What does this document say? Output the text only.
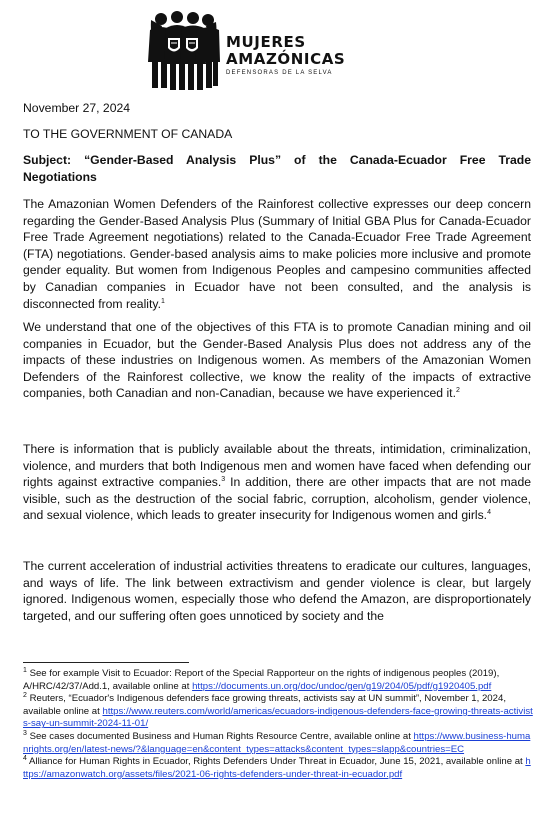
MUJERES
AMAZÓNICAS
DEFENSORAS DE LA SELVA
November 27, 2024
TO THE GOVERNMENT OF CANADA
Subject: “Gender-Based Analysis Plus” of the Canada-Ecuador Free Trade Negotiations

The Amazonian Women Defenders of the Rainforest collective expresses our deep concern regarding the Gender-Based Analysis Plus (Summary of Initial GBA Plus for Canada-Ecuador Free Trade Agreement negotiations) related to the Canada-Ecuador Free Trade Agreement (FTA) negotiations. Gender-based analysis aims to make policies more inclusive and promote gender equality. But women from Indigenous Peoples and campesino communities affected by Canadian companies in Ecuador have not been consulted, and the analysis is disconnected from reality.$^1$

We understand that one of the objectives of this FTA is to promote Canadian mining and oil companies in Ecuador, but the Gender-Based Analysis Plus does not address any of the impacts of these industries on Indigenous women. As members of the Amazonian Women Defenders of the Rainforest collective, we know the reality of the impacts of extractive companies, both Canadian and non-Canadian, because we have experienced it.$^2$

There is information that is publicly available about the threats, intimidation, criminalization, violence, and murders that both Indigenous men and women have faced when defending our rights against extractive companies.$^3$ In addition, there are other impacts that are not made visible, such as the destruction of the social fabric, corruption, alcoholism, gender violence, and sexual violence, which leads to greater insecurity for Indigenous women and girls.$^4$

The current acceleration of industrial activities threatens to eradicate our cultures, languages, and ways of life. The link between extractivism and gender violence is clear, but largely ignored. Indigenous women, especially those who defend the Amazon, are disproportionately targeted, and our suffering often goes unnoticed by society and the

$^1$ See for example Visit to Ecuador: Report of the Special Rapporteur on the rights of indigenous peoples (2019), A/HRC/42/37/Add.1, available online at https://documents.un.org/doc/undoc/gen/g19/204/05/pdf/g1920405.pdf

$^2$ Reuters, “Ecuador's Indigenous defenders face growing threats, activists say at UN summit”, November 1, 2024, available online at https://www.reuters.com/world/americas/ecuadors-indigenous-defenders-face-growing-threats-activists-say-un-summit-2024-11-01/

$^3$ See cases documented Business and Human Rights Resource Centre, available online at https://www.business-humanrights.org/en/latest-news/?&language=en&content_types=attacks&content_types=slapp&countries=EC

$^4$ Alliance for Human Rights in Ecuador, Rights Defenders Under Threat in Ecuador, June 15, 2021, available online at https://amazonwatch.org/assets/files/2021-06-rights-defenders-under-threat-in-ecuador.pdf
